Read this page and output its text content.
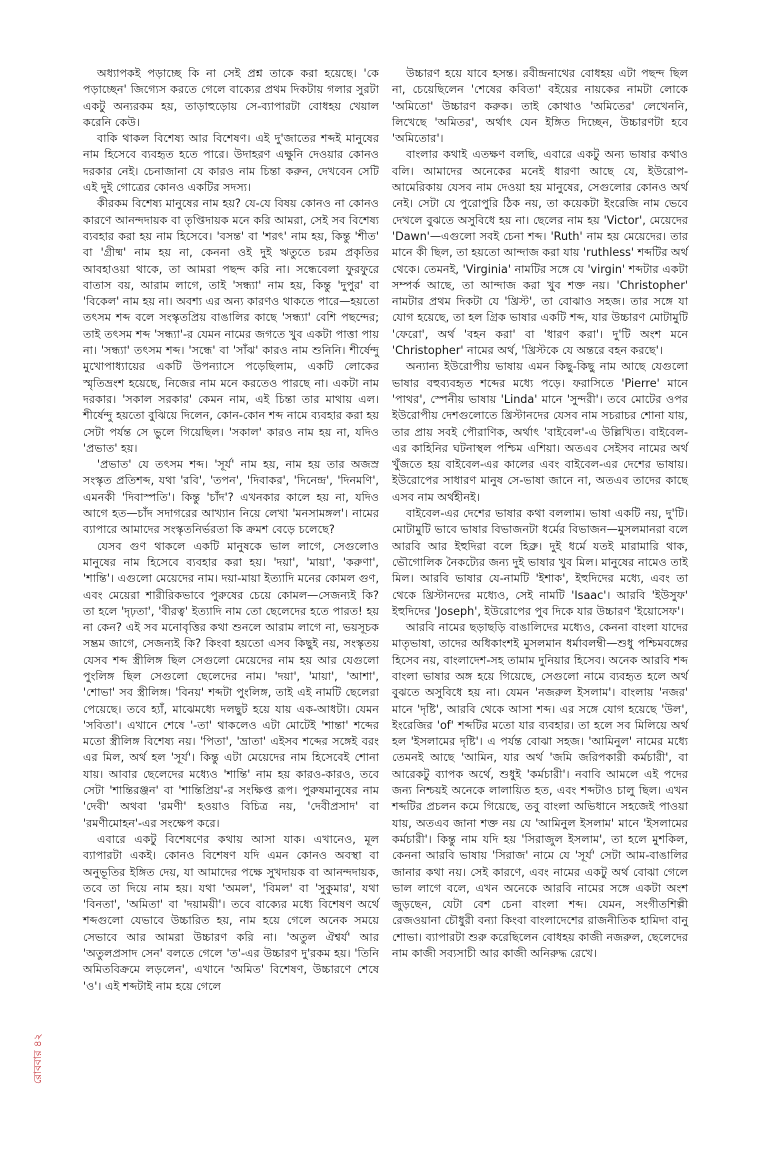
অধ্যাপকই পড়াচ্ছে কি না সেই প্রশ্ন তাকে করা হয়েছে। 'কে পড়াচ্ছেন' জিগ্যেস করতে গেলে বাক্যের প্রথম দিকটায় গলার সুরটা একটু অন্যরকম হয়, তাড়াহুড়োয় সে-ব্যাপারটা বোধহয় খেয়াল করেনি কেউ।

বাকি থাকল বিশেষ্য আর বিশেষণ। এই দু'জাতের শব্দই মানুষের নাম হিসেবে ব্যবহৃত হতে পারে। উদাহরণ এক্ষুনি দেওয়ার কোনও দরকার নেই। চেনাজানা যে কারও নাম চিন্তা করুন, দেখবেন সেটি এই দুই গোত্রের কোনও একটির সদস্য।

কীরকম বিশেষ্য মানুষের নাম হয়? যে-যে বিষয় কোনও না কোনও কারণে আনন্দদায়ক বা তৃপ্তিদায়ক মনে করি আমরা, সেই সব বিশেষ্য ব্যবহার করা হয় নাম হিসেবে। 'বসন্ত' বা 'শরৎ' নাম হয়, কিন্তু 'শীত' বা 'গ্রীষ্ম' নাম হয় না, কেননা ওই দুই ঋতুতে চরম প্রকৃতির আবহাওয়া থাকে, তা আমরা পছন্দ করি না। সন্ধেবেলা ফুরফুরে বাতাস বয়, আরাম লাগে, তাই 'সন্ধ্যা' নাম হয়, কিন্তু 'দুপুর' বা 'বিকেল' নাম হয় না। অবশ্য এর অন্য কারণও থাকতে পারে—হয়তো তৎসম শব্দ বলে সংস্কৃতপ্রিয় বাঙালির কাছে 'সন্ধ্যা' বেশি পছন্দের; তাই তৎসম শব্দ 'সন্ধ্যা'-র যেমন নামের জগতে খুব একটা পাত্তা পায় না। 'সন্ধ্যা' তৎসম শব্দ। 'সন্ধে' বা 'সাঁঝ' কারও নাম শুনিনি। শীর্ষেন্দু মুখোপাধ্যায়ের একটি উপন্যাসে পড়েছিলাম, একটি লোকের স্মৃতিভ্রংশ হয়েছে, নিজের নাম মনে করতেও পারছে না। একটা নাম দরকার। 'সকাল সরকার' কেমন নাম, এই চিন্তা তার মাথায় এল। শীর্ষেন্দু হয়তো বুঝিয়ে দিলেন, কোন-কোন শব্দ নামে ব্যবহার করা হয় সেটা পর্যন্ত সে ভুলে গিয়েছিল। 'সকাল' কারও নাম হয় না, যদিও 'প্রভাত' হয়।

'প্রভাত' যে তৎসম শব্দ। 'সূর্য' নাম হয়, নাম হয় তার অজস্র সংস্কৃত প্রতিশব্দ, যথা 'রবি', 'তপন', 'দিবাকর', 'দিনেন্দ্র', 'দিনমণি', এমনকী 'দিবাস্পতি'। কিন্তু 'চাঁদ'? এখনকার কালে হয় না, যদিও আগে হত—চাঁদ সদাগরের আখ্যান নিয়ে লেখা 'মনসামঙ্গল'। নামের ব্যাপারে আমাদের সংস্কৃতনির্ভরতা কি ক্রমশ বেড়ে চলেছে?

যেসব গুণ থাকলে একটি মানুষকে ভাল লাগে, সেগুলোও মানুষের নাম হিসেবে ব্যবহার করা হয়। 'দয়া', 'মায়া', 'করুণা', 'শান্তি'। এগুলো মেয়েদের নাম। দয়া-মায়া ইত্যাদি মনের কোমল গুণ, এবং মেয়েরা শারীরিকভাবে পুরুষের চেয়ে কোমল—সেজন্যই কি? তা হলে 'দৃঢ়তা', 'বীরত্ব' ইত্যাদি নাম তো ছেলেদের হতে পারত! হয় না কেন? এই সব মনোবৃত্তির কথা শুনলে আরাম লাগে না, ভয়সূচক সম্ভ্রম জাগে, সেজন্যই কি? কিংবা হয়তো এসব কিছুই নয়, সংস্কৃতয় যেসব শব্দ স্ত্রীলিঙ্গ ছিল সেগুলো মেয়েদের নাম হয় আর যেগুলো পুংলিঙ্গ ছিল সেগুলো ছেলেদের নাম। 'দয়া', 'মায়া', 'আশা', 'শোভা' সব স্ত্রীলিঙ্গ। 'বিনয়' শব্দটা পুংলিঙ্গ, তাই এই নামটি ছেলেরা পেয়েছে। তবে হ্যাঁ, মাঝেমধ্যে দলছুট হয়ে যায় এক-আধটা। যেমন 'সবিতা'। এখানে শেষে '-তা' থাকলেও এটা মোটেই 'শান্তা' শব্দের মতো স্ত্রীলিঙ্গ বিশেষ্য নয়। 'পিতা', 'ভ্রাতা' এইসব শব্দের সঙ্গেই বরং এর মিল, অর্থ হল 'সূর্য'। কিন্তু এটা মেয়েদের নাম হিসেবেই শোনা যায়। আবার ছেলেদের মধ্যেও 'শান্তি' নাম হয় কারও-কারও, তবে সেটা 'শান্তিরঞ্জন' বা 'শান্তিপ্রিয়'-র সংক্ষিপ্ত রূপ। পুরুষমানুষের নাম 'দেবী' অথবা 'রমণী' হওয়াও বিচিত্র নয়, 'দেবীপ্রসাদ' বা 'রমণীমোহন'-এর সংক্ষেপ করে।

এবারে একটু বিশেষণের কথায় আসা যাক। এখানেও, মূল ব্যাপারটা একই। কোনও বিশেষণ যদি এমন কোনও অবস্থা বা অনুভূতির ইঙ্গিত দেয়, যা আমাদের পক্ষে সুখদায়ক বা আনন্দদায়ক, তবে তা দিয়ে নাম হয়। যথা 'অমল', 'বিমল' বা 'সুকুমার', যথা 'বিনতা', 'অমিতা' বা 'দয়াময়ী'। তবে বাক্যের মধ্যে বিশেষণ অর্থে শব্দগুলো যেভাবে উচ্চারিত হয়, নাম হয়ে গেলে অনেক সময়ে সেভাবে আর আমরা উচ্চারণ করি না। 'অতুল ঐশ্বর্য' আর 'অতুলপ্রসাদ সেন' বলতে গেলে 'ত'-এর উচ্চারণ দু'রকম হয়। 'তিনি অমিতবিক্রমে লড়লেন', এখানে 'অমিত' বিশেষণ, উচ্চারণে শেষে 'ও'। এই শব্দটাই নাম হয়ে গেলে

উচ্চারণ হয়ে যাবে হসন্ত। রবীন্দ্রনাথের বোধহয় এটা পছন্দ ছিল না, চেয়েছিলেন 'শেষের কবিতা' বইয়ের নায়কের নামটা লোকে 'অমিতো' উচ্চারণ করুক। তাই কোথাও 'অমিতের' লেখেননি, লিখেছে 'অমিতর', অর্থাৎ যেন ইঙ্গিত দিচ্ছেন, উচ্চারণটা হবে 'অমিতোর'।

বাংলার কথাই এতক্ষণ বলছি, এবারে একটু অন্য ভাষার কথাও বলি। আমাদের অনেকের মনেই ধারণা আছে যে, ইউরোপ-আমেরিকায় যেসব নাম দেওয়া হয় মানুষের, সেগুলোর কোনও অর্থ নেই। সেটা যে পুরোপুরি ঠিক নয়, তা কয়েকটা ইংরেজি নাম ভেবে দেখলে বুঝতে অসুবিধে হয় না। ছেলের নাম হয় 'Victor', মেয়েদের 'Dawn'—এগুলো সবই চেনা শব্দ। 'Ruth' নাম হয় মেয়েদের। তার মানে কী ছিল, তা হয়তো আন্দাজ করা যায় 'ruthless' শব্দটির অর্থ থেকে। তেমনই, 'Virginia' নামটির সঙ্গে যে 'virgin' শব্দটার একটা সম্পর্ক আছে, তা আন্দাজ করা খুব শক্ত নয়। 'Christopher' নামটার প্রথম দিকটা যে 'খ্রিস্ট', তা বোঝাও সহজ। তার সঙ্গে যা যোগ হয়েছে, তা হল গ্রিক ভাষার একটি শব্দ, যার উচ্চারণ মোটামুটি 'ফেরো', অর্থ 'বহন করা' বা 'ধারণ করা'। দু'টি অংশ মনে 'Christopher' নামের অর্থ, 'খ্রিস্টকে যে অন্তরে বহন করছে'।

অন্যান্য ইউরোপীয় ভাষায় এমন কিছু-কিছু নাম আছে যেগুলো ভাষার বহুব্যবহৃত শব্দের মধ্যে পড়ে। ফরাসিতে 'Pierre' মানে 'পাথর', স্পেনীয় ভাষায় 'Linda' মানে 'সুন্দরী'। তবে মোটের ওপর ইউরোপীয় দেশগুলোতে খ্রিস্টানদের যেসব নাম সচরাচর শোনা যায়, তার প্রায় সবই পৌরাণিক, অর্থাৎ 'বাইবেল'-এ উল্লিখিত। বাইবেল-এর কাহিনির ঘটনাস্থল পশ্চিম এশিয়া। অতএব সেইসব নামের অর্থ খুঁজতে হয় বাইবেল-এর কালের এবং বাইবেল-এর দেশের ভাষায়। ইউরোপের সাধারণ মানুষ সে-ভাষা জানে না, অতএব তাদের কাছে এসব নাম অর্থহীনই।

বাইবেল-এর দেশের ভাষার কথা বললাম। ভাষা একটি নয়, দু'টি। মোটামুটি ভাবে ভাষার বিভাজনটা ধর্মের বিভাজন—মুসলমানরা বলে আরবি আর ইহুদিরা বলে হিব্রু। দুই ধর্মে যতই মারামারি থাক, ভৌগোলিক নৈকট্যের জন্য দুই ভাষার খুব মিল। মানুষের নামেও তাই মিল। আরবি ভাষার যে-নামটি 'ইশাক', ইহুদিদের মধ্যে, এবং তা থেকে খ্রিস্টানদের মধ্যেও, সেই নামটি 'Isaac'। আরবি 'ইউসুফ' ইহুদিদের 'Joseph', ইউরোপের পুব দিকে যার উচ্চারণ 'ইয়োসেফ'।

আরবি নামের ছড়াছড়ি বাঙালিদের মধ্যেও, কেননা বাংলা যাদের মাতৃভাষা, তাদের অধিকাংশই মুসলমান ধর্মাবলম্বী—শুধু পশ্চিমবঙ্গের হিসেব নয়, বাংলাদেশ-সহ তামাম দুনিয়ার হিসেব। অনেক আরবি শব্দ বাংলা ভাষার অঙ্গ হয়ে গিয়েছে, সেগুলো নামে ব্যবহৃত হলে অর্থ বুঝতে অসুবিধে হয় না। যেমন 'নজরুল ইসলাম'। বাংলায় 'নজর' মানে 'দৃষ্টি', আরবি থেকে আসা শব্দ। এর সঙ্গে যোগ হয়েছে 'উল', ইংরেজির 'of' শব্দটির মতো যার ব্যবহার। তা হলে সব মিলিয়ে অর্থ হল 'ইসলামের দৃষ্টি'। এ পর্যন্ত বোঝা সহজ। 'আমিনুল' নামের মধ্যে তেমনই আছে 'আমিন, যার অর্থ 'জমি জরিপকারী কর্মচারী', বা আরেকটু ব্যাপক অর্থে, শুধুই 'কর্মচারী'। নবাবি আমলে এই পদের জন্য নিশ্চয়ই অনেকে লালায়িত হত, এবং শব্দটাও চালু ছিল। এখন শব্দটির প্রচলন কমে গিয়েছে, তবু বাংলা অভিধানে সহজেই পাওয়া যায়, অতএব জানা শক্ত নয় যে 'আমিনুল ইসলাম' মানে 'ইসলামের কর্মচারী'। কিন্তু নাম যদি হয় 'সিরাজুল ইসলাম', তা হলে মুশকিল, কেননা আরবি ভাষায় 'সিরাজ' নামে যে 'সূর্য' সেটা আম-বাঙালির জানার কথা নয়। সেই কারণে, এবং নামের একটু অর্থ বোঝা গেলে ভাল লাগে বলে, এখন অনেকে আরবি নামের সঙ্গে একটা অংশ জুড়ছেন, যেটা বেশ চেনা বাংলা শব্দ। যেমন, সংগীতশিল্পী রেজওয়ানা চৌধুরী বন্যা কিংবা বাংলাদেশের রাজনীতিক হামিদা বানু শোভা। ব্যাপারটা শুরু করেছিলেন বোধহয় কাজী নজরুল, ছেলেদের নাম কাজী সব্যসাচী আর কাজী অনিরুদ্ধ রেখে।

রোববার ৪২
